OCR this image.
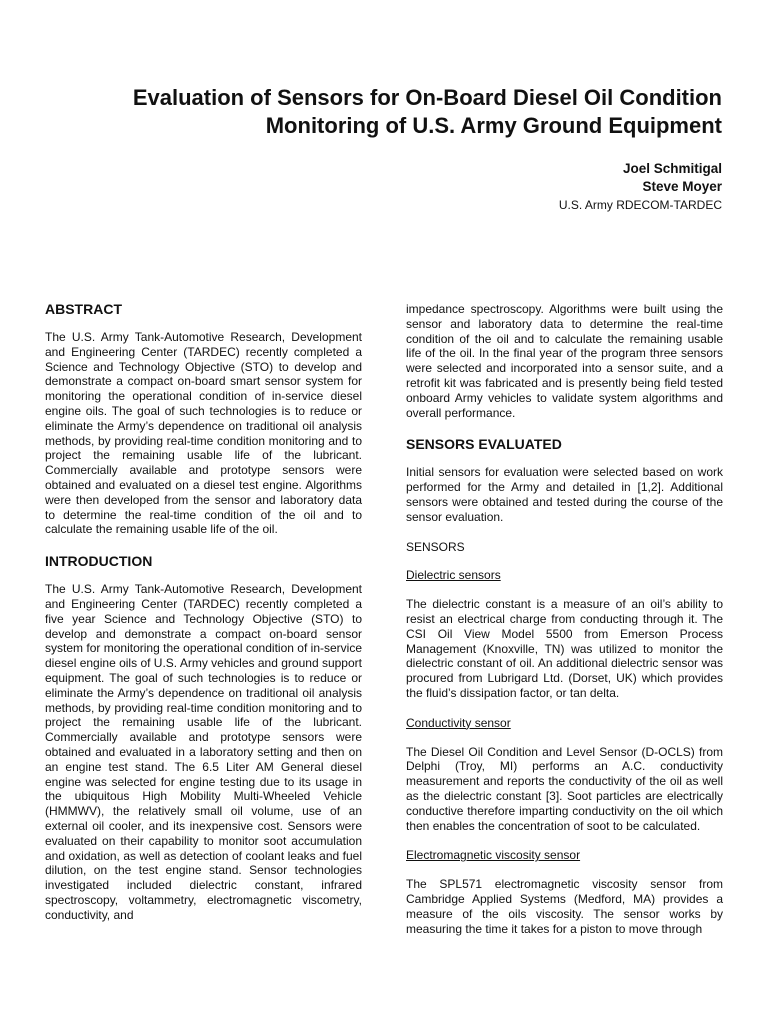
Evaluation of Sensors for On-Board Diesel Oil Condition Monitoring of U.S. Army Ground Equipment
Joel Schmitigal
Steve Moyer
U.S. Army RDECOM-TARDEC
ABSTRACT

The U.S. Army Tank-Automotive Research, Development and Engineering Center (TARDEC) recently completed a Science and Technology Objective (STO) to develop and demonstrate a compact on-board smart sensor system for monitoring the operational condition of in-service diesel engine oils. The goal of such technologies is to reduce or eliminate the Army’s dependence on traditional oil analysis methods, by providing real-time condition monitoring and to project the remaining usable life of the lubricant. Commercially available and prototype sensors were obtained and evaluated on a diesel test engine. Algorithms were then developed from the sensor and laboratory data to determine the real-time condition of the oil and to calculate the remaining usable life of the oil.

INTRODUCTION

The U.S. Army Tank-Automotive Research, Development and Engineering Center (TARDEC) recently completed a five year Science and Technology Objective (STO) to develop and demonstrate a compact on-board sensor system for monitoring the operational condition of in-service diesel engine oils of U.S. Army vehicles and ground support equipment. The goal of such technologies is to reduce or eliminate the Army’s dependence on traditional oil analysis methods, by providing real-time condition monitoring and to project the remaining usable life of the lubricant. Commercially available and prototype sensors were obtained and evaluated in a laboratory setting and then on an engine test stand. The 6.5 Liter AM General diesel engine was selected for engine testing due to its usage in the ubiquitous High Mobility Multi-Wheeled Vehicle (HMMWV), the relatively small oil volume, use of an external oil cooler, and its inexpensive cost. Sensors were evaluated on their capability to monitor soot accumulation and oxidation, as well as detection of coolant leaks and fuel dilution, on the test engine stand. Sensor technologies investigated included dielectric constant, infrared spectroscopy, voltammetry, electromagnetic viscometry, conductivity, and

impedance spectroscopy. Algorithms were built using the sensor and laboratory data to determine the real-time condition of the oil and to calculate the remaining usable life of the oil. In the final year of the program three sensors were selected and incorporated into a sensor suite, and a retrofit kit was fabricated and is presently being field tested onboard Army vehicles to validate system algorithms and overall performance.

SENSORS EVALUATED

Initial sensors for evaluation were selected based on work performed for the Army and detailed in [1,2]. Additional sensors were obtained and tested during the course of the sensor evaluation.

SENSORS
Dielectric sensors

The dielectric constant is a measure of an oil’s ability to resist an electrical charge from conducting through it. The CSI Oil View Model 5500 from Emerson Process Management (Knoxville, TN) was utilized to monitor the dielectric constant of oil. An additional dielectric sensor was procured from Lubrigard Ltd. (Dorset, UK) which provides the fluid’s dissipation factor, or tan delta.

Conductivity sensor

The Diesel Oil Condition and Level Sensor (D-OCLS) from Delphi (Troy, MI) performs an A.C. conductivity measurement and reports the conductivity of the oil as well as the dielectric constant [3]. Soot particles are electrically conductive therefore imparting conductivity on the oil which then enables the concentration of soot to be calculated.

Electromagnetic viscosity sensor

The SPL571 electromagnetic viscosity sensor from Cambridge Applied Systems (Medford, MA) provides a measure of the oils viscosity. The sensor works by measuring the time it takes for a piston to move through
